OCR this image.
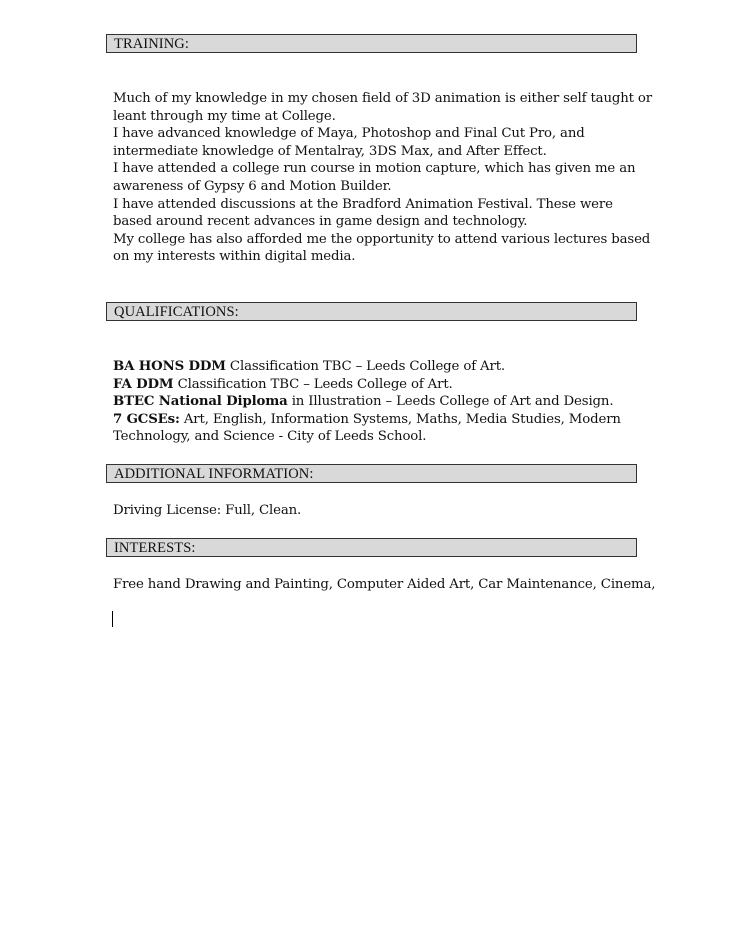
TRAINING:
Much of my knowledge in my chosen field of 3D animation is either self taught or
leant through my time at College.
I have advanced knowledge of Maya, Photoshop and Final Cut Pro, and
intermediate knowledge of Mentalray, 3DS Max, and After Effect.
I have attended a college run course in motion capture, which has given me an
awareness of Gypsy 6 and Motion Builder.
I have attended discussions at the Bradford Animation Festival. These were
based around recent advances in game design and technology.
My college has also afforded me the opportunity to attend various lectures based
on my interests within digital media.
QUALIFICATIONS:
BA HONS DDM Classification TBC – Leeds College of Art.
FA DDM Classification TBC – Leeds College of Art.
BTEC National Diploma in Illustration – Leeds College of Art and Design.
7 GCSEs: Art, English, Information Systems, Maths, Media Studies, Modern
Technology, and Science - City of Leeds School.
ADDITIONAL INFORMATION:
Driving License: Full, Clean.
INTERESTS:
Free hand Drawing and Painting, Computer Aided Art, Car Maintenance, Cinema,
